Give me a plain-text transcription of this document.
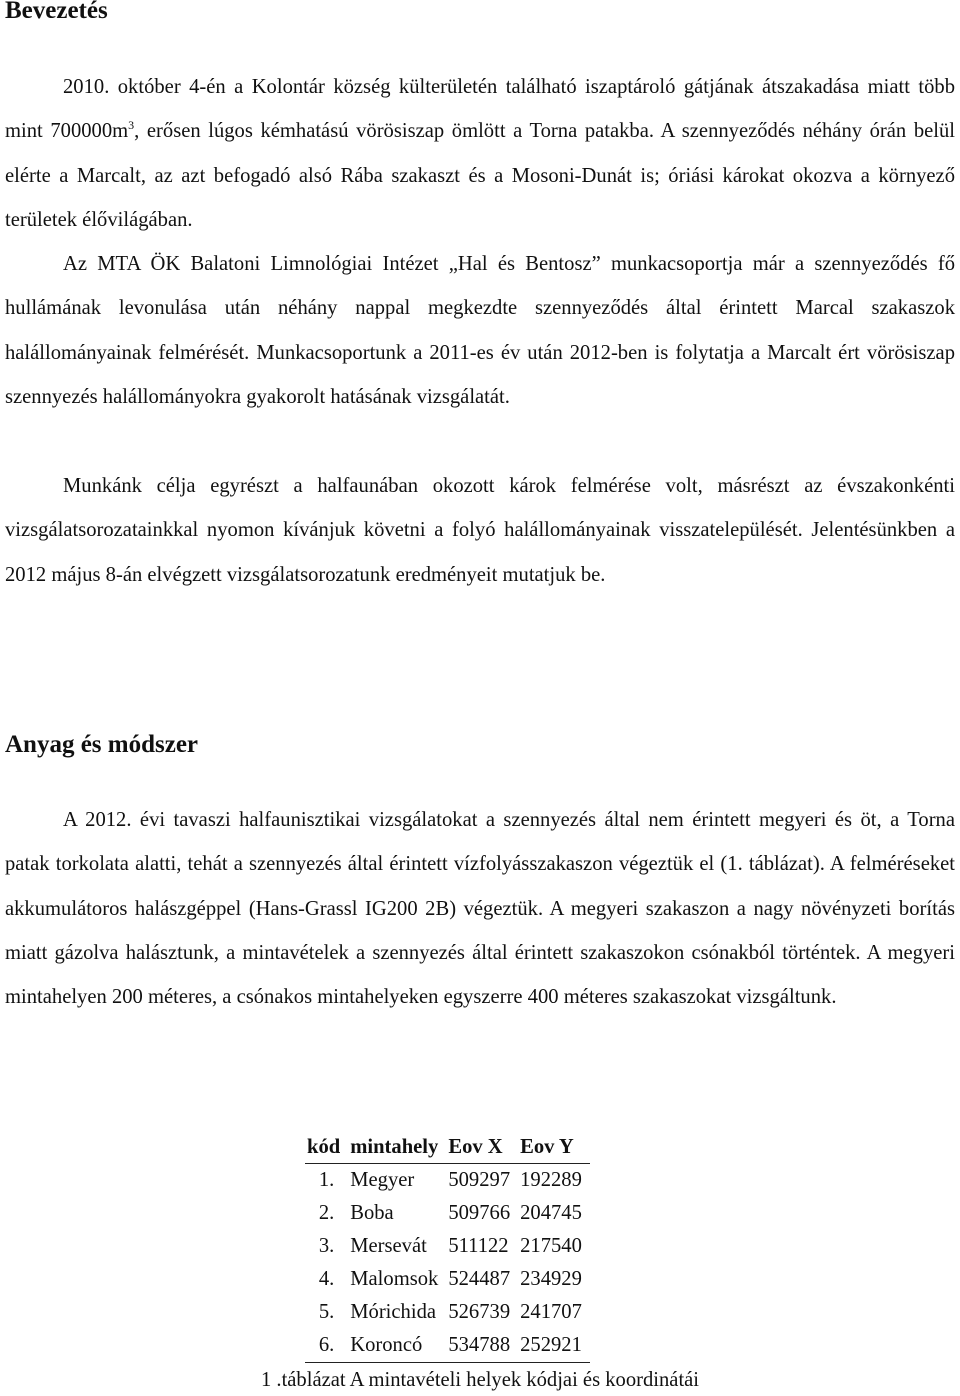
Bevezetés

2010. október 4-én a Kolontár község külterületén található iszaptároló gátjának átszakadása miatt több mint $700000m^3$, erősen lúgos kémhatású vörösiszap ömlött a Torna patakba. A szennyeződés néhány órán belül elérte a Marcalt, az azt befogadó alsó Rába szakaszt és a Mosoni-Dunát is; óriási károkat okozva a környező területek élővilágában.

Az MTA ÖK Balatoni Limnológiai Intézet „Hal és Bentosz” munkacsoportja már a szennyeződés fő hullámának levonulása után néhány nappal megkezdte szennyeződés által érintett Marcal szakaszok halállományainak felmérését. Munkacsoportunk a 2011-es év után 2012-ben is folytatja a Marcalt ért vörösiszap szennyezés halállományokra gyakorolt hatásának vizsgálatát.

Munkánk célja egyrészt a halfaunában okozott károk felmérése volt, másrészt az évszakonkénti vizsgálatsorozatainkkal nyomon kívánjuk követni a folyó halállományainak visszatelepülését. Jelentésünkben a 2012 május 8-án elvégzett vizsgálatsorozatunk eredményeit mutatjuk be.

Anyag és módszer

A 2012. évi tavaszi halfaunisztikai vizsgálatokat a szennyezés által nem érintett megyeri és öt, a Torna patak torkolata alatti, tehát a szennyezés által érintett vízfolyásszakaszon végeztük el (1. táblázat). A felméréseket akkumulátoros halászgéppel (Hans-Grassl IG200 2B) végeztük. A megyeri szakaszon a nagy növényzeti borítás miatt gázolva halásztunk, a mintavételek a szennyezés által érintett szakaszokon csónakból történtek. A megyeri mintahelyen 200 méteres, a csónakos mintahelyeken egyszerre 400 méteres szakaszokat vizsgáltunk.

kód	mintahely	Eov X	Eov Y
1.	Megyer	509297	192289
2.	Boba	509766	204745
3.	Mersevát	511122	217540
4.	Malomsok	524487	234929
5.	Mórichida	526739	241707
6.	Koroncó	534788	252921
1 .táblázat A mintavételi helyek kódjai és koordinátái
